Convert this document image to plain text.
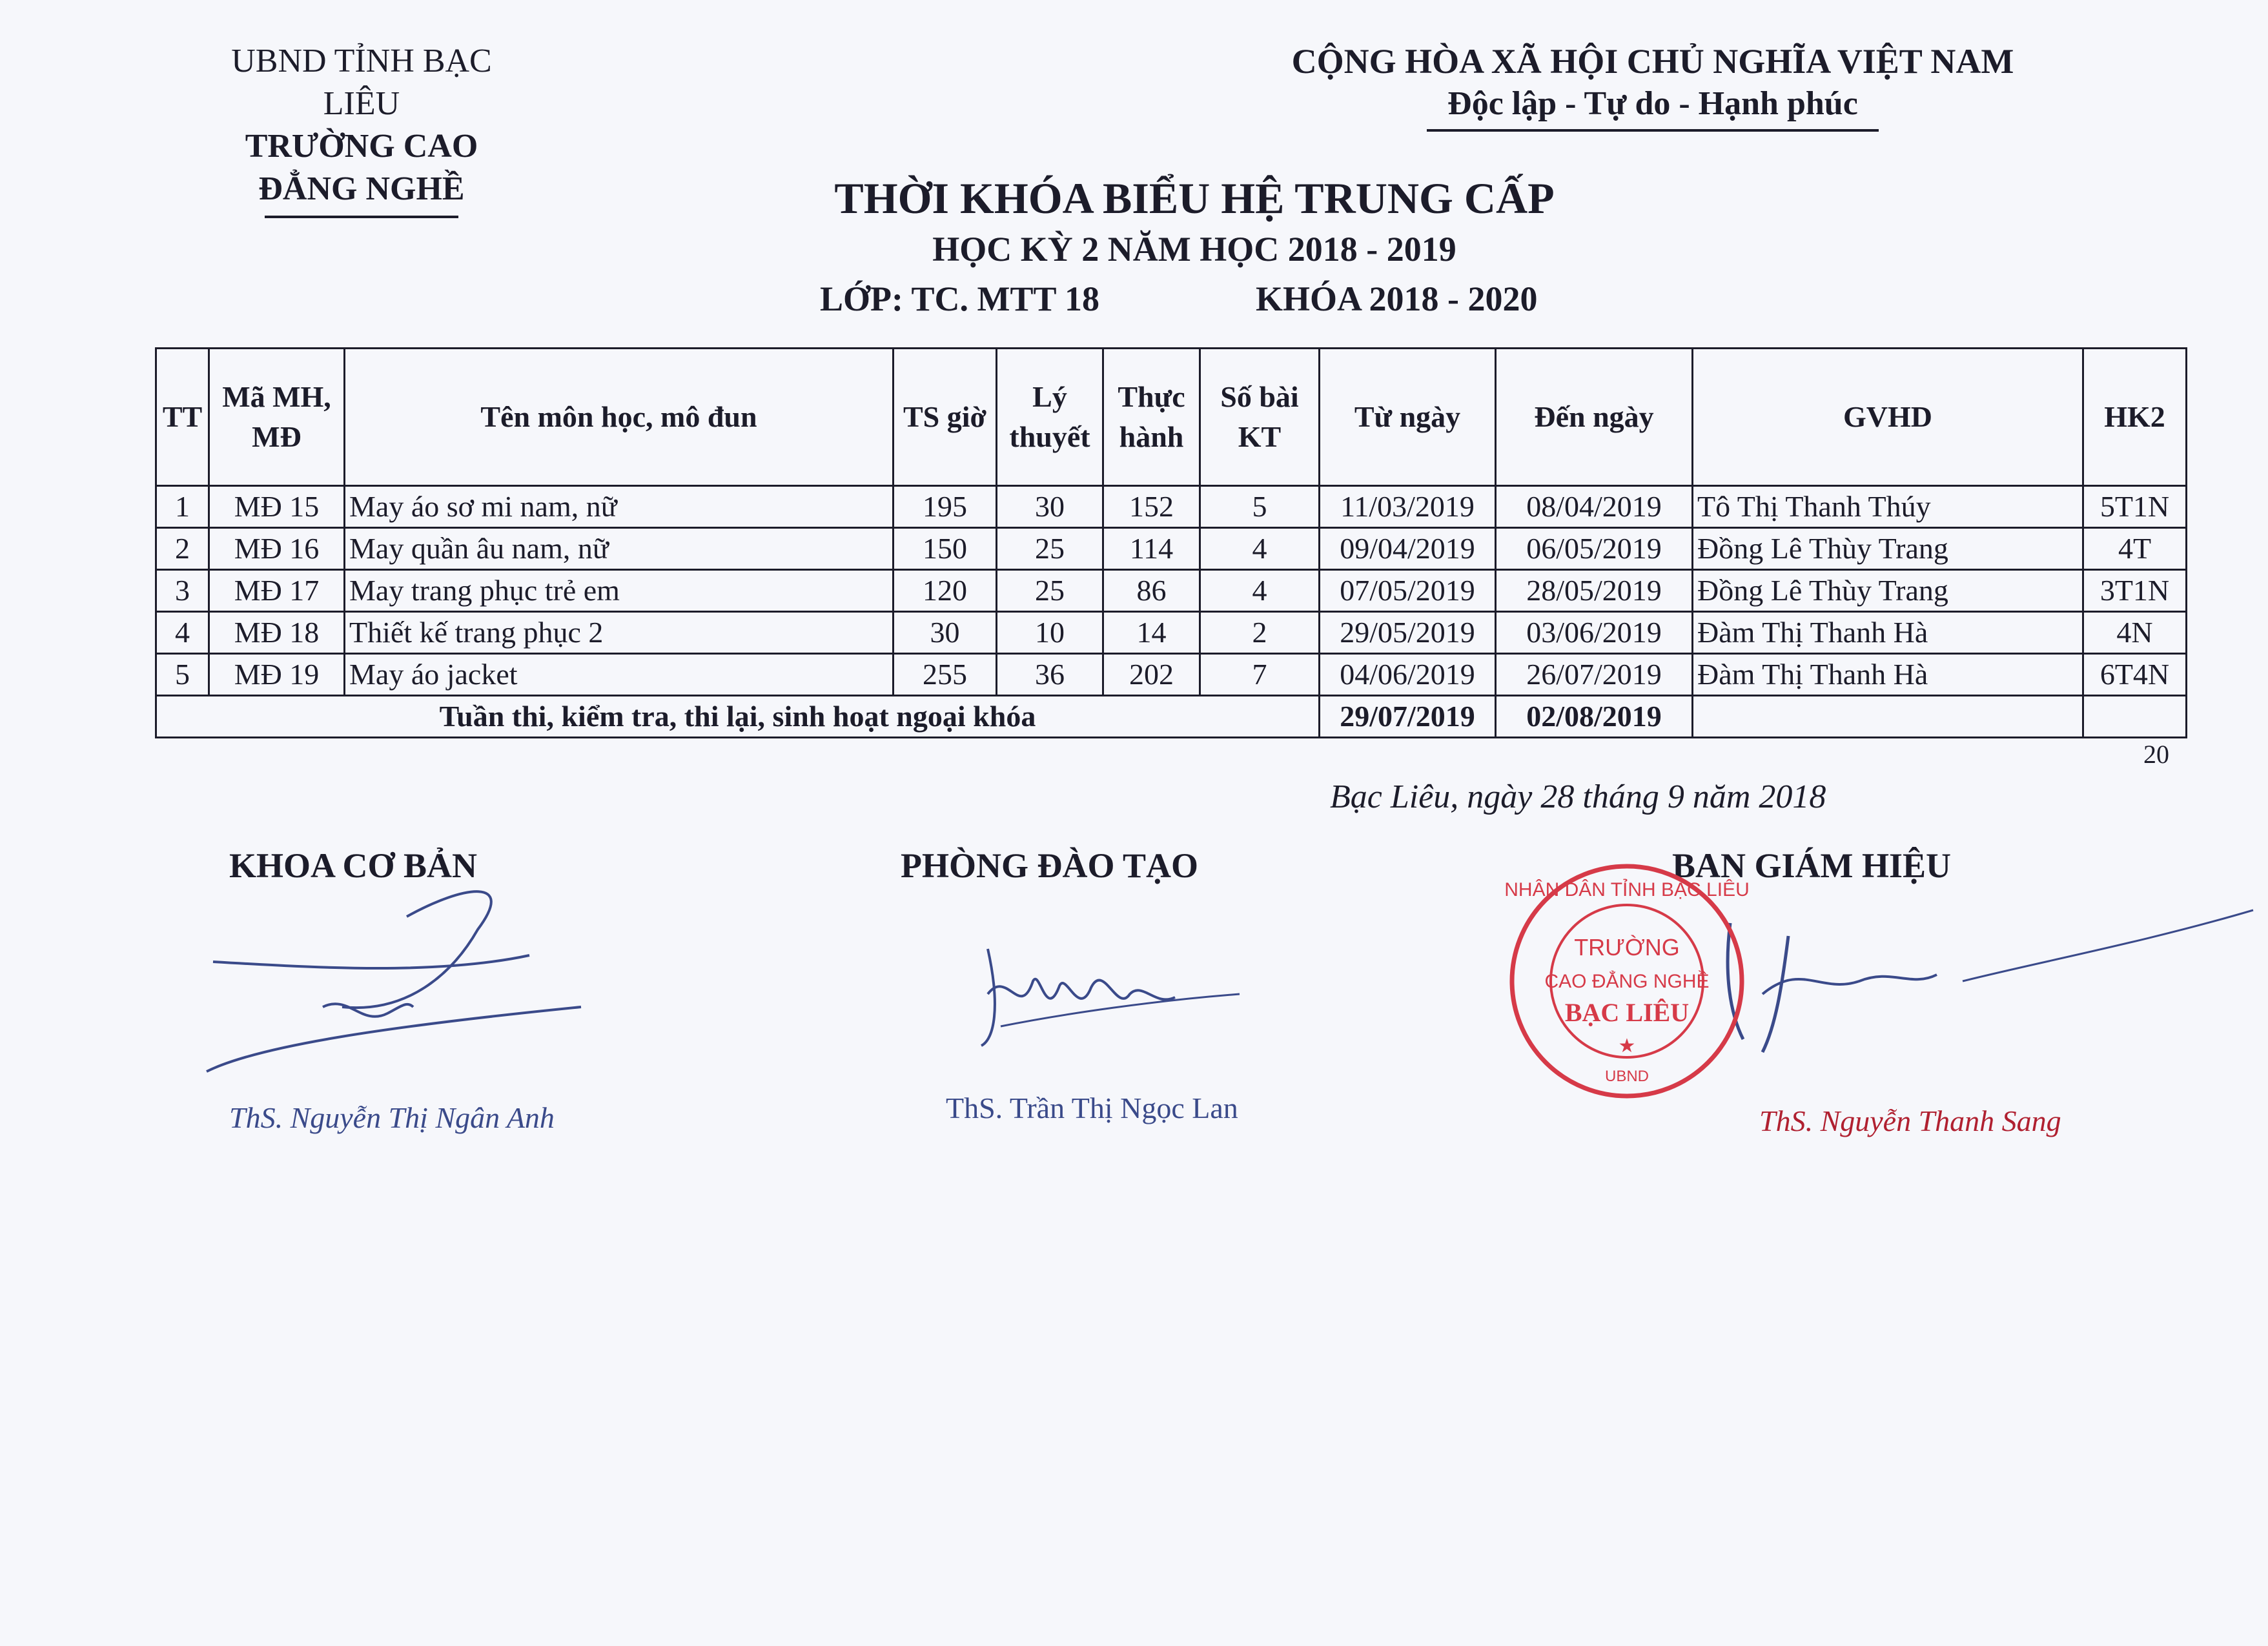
UBND TỈNH BẠC LIÊU
TRƯỜNG CAO ĐẲNG NGHỀ
CỘNG HÒA XÃ HỘI CHỦ NGHĨA VIỆT NAM
Độc lập - Tự do - Hạnh phúc
THỜI KHÓA BIỂU HỆ TRUNG CẤP
HỌC KỲ 2 NĂM HỌC 2018 - 2019
LỚP: TC. MTT 18	KHÓA 2018 - 2020
TT	Mã MH, MĐ	Tên môn học, mô đun	TS giờ	Lý thuyết	Thực hành	Số bài KT	Từ ngày	Đến ngày	GVHD	HK2
1	MĐ 15	May áo sơ mi nam, nữ	195	30	152	5	11/03/2019	08/04/2019	Tô Thị Thanh Thúy	5T1N
2	MĐ 16	May quần âu nam, nữ	150	25	114	4	09/04/2019	06/05/2019	Đồng Lê Thùy Trang	4T
3	MĐ 17	May trang phục trẻ em	120	25	86	4	07/05/2019	28/05/2019	Đồng Lê Thùy Trang	3T1N
4	MĐ 18	Thiết kế trang phục 2	30	10	14	2	29/05/2019	03/06/2019	Đàm Thị Thanh Hà	4N
5	MĐ 19	May áo jacket	255	36	202	7	04/06/2019	26/07/2019	Đàm Thị Thanh Hà	6T4N
Tuần thi, kiểm tra, thi lại, sinh hoạt ngoại khóa							29/07/2019	02/08/2019		
20
Bạc Liêu, ngày 28 tháng 9 năm 2018
KHOA CƠ BẢN	PHÒNG ĐÀO TẠO	BAN GIÁM HIỆU
NHÂN DÂN TỈNH BẠC LIÊU
UBND
TRƯỜNG
CAO ĐẲNG NGHỀ
BẠC LIÊU
★
ThS. Nguyễn Thị Ngân Anh	ThS. Trần Thị Ngọc Lan	ThS. Nguyễn Thanh Sang
